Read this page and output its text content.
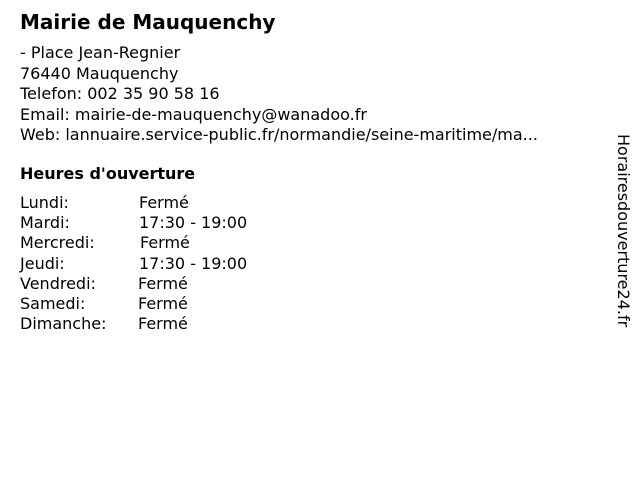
Mairie de Mauquenchy
- Place Jean-Regnier
76440 Mauquenchy
Telefon: 002 35 90 58 16
Email: mairie-de-mauquenchy@wanadoo.fr
Web: lannuaire.service-public.fr/normandie/seine-maritime/ma...
Heures d'ouverture
Lundi:	Fermé
Mardi:	17:30 - 19:00
Mercredi:	Fermé
Jeudi:	17:30 - 19:00
Vendredi:	Fermé
Samedi:	Fermé
Dimanche: Fermé	Horairesdouverture24.fr
